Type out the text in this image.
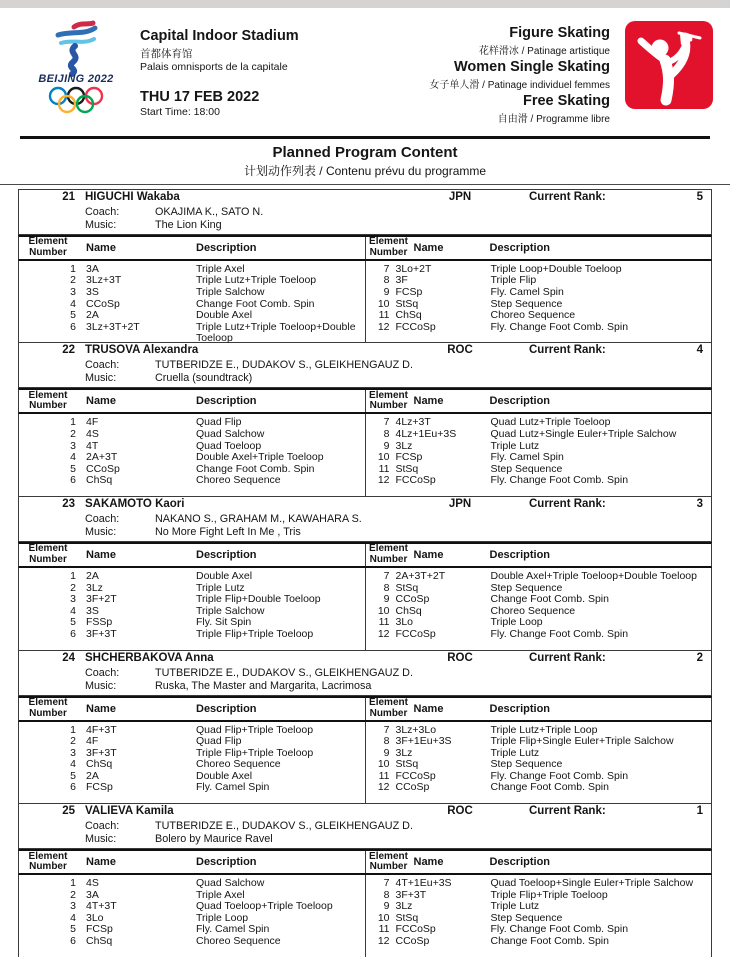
BEIJING 2022
Capital Indoor Stadium
首都体育馆
Palais omnisports de la capitale
THU 17 FEB 2022
Start Time: 18:00
Figure Skating
花样滑冰 / Patinage artistique
Women Single Skating
女子单人滑 / Patinage individuel femmes
Free Skating
自由滑 / Programme libre
Planned Program Content
计划动作列表 / Contenu prévu du programme
21 HIGUCHI Wakaba	JPN	Current Rank:	5
Coach:	OKAJIMA K., SATO N.
Music:	The Lion King
Element
Number	Name	Description	Element
Number Name	Description
1 3A	Triple Axel
2 3Lz+3T	Triple Lutz+Triple Toeloop
3 3S	Triple Salchow
4 CCoSp	Change Foot Comb. Spin
5 2A	Double Axel
6 3Lz+3T+2T	Triple Lutz+Triple Toeloop+Double Toeloop
7 3Lo+2T	Triple Loop+Double Toeloop
8 3F	Triple Flip
9 FCSp	Fly. Camel Spin
10 StSq	Step Sequence
11 ChSq	Choreo Sequence
12 FCCoSp	Fly. Change Foot Comb. Spin
22 TRUSOVA Alexandra	ROC	Current Rank:	4
Coach:	TUTBERIDZE E., DUDAKOV S., GLEIKHENGAUZ D.
Music:	Cruella (soundtrack)
Element
Number	Name	Description	Element
Number Name	Description
1 4F	Quad Flip
2 4S	Quad Salchow
3 4T	Quad Toeloop
4 2A+3T	Double Axel+Triple Toeloop
5 CCoSp	Change Foot Comb. Spin
6 ChSq	Choreo Sequence
7 4Lz+3T	Quad Lutz+Triple Toeloop
8 4Lz+1Eu+3S	Quad Lutz+Single Euler+Triple Salchow
9 3Lz	Triple Lutz
10 FCSp	Fly. Camel Spin
11 StSq	Step Sequence
12 FCCoSp	Fly. Change Foot Comb. Spin
23 SAKAMOTO Kaori	JPN	Current Rank:	3
Coach:	NAKANO S., GRAHAM M., KAWAHARA S.
Music:	No More Fight Left In Me , Tris
Element
Number	Name	Description	Element
Number Name	Description
1 2A	Double Axel
2 3Lz	Triple Lutz
3 3F+2T	Triple Flip+Double Toeloop
4 3S	Triple Salchow
5 FSSp	Fly. Sit Spin
6 3F+3T	Triple Flip+Triple Toeloop
7 2A+3T+2T	Double Axel+Triple Toeloop+Double Toeloop
8 StSq	Step Sequence
9 CCoSp	Change Foot Comb. Spin
10 ChSq	Choreo Sequence
11 3Lo	Triple Loop
12 FCCoSp	Fly. Change Foot Comb. Spin
24 SHCHERBAKOVA Anna	ROC	Current Rank:	2
Coach:	TUTBERIDZE E., DUDAKOV S., GLEIKHENGAUZ D.
Music:	Ruska, The Master and Margarita, Lacrimosa
Element
Number	Name	Description	Element
Number Name	Description
1 4F+3T	Quad Flip+Triple Toeloop
2 4F	Quad Flip
3 3F+3T	Triple Flip+Triple Toeloop
4 ChSq	Choreo Sequence
5 2A	Double Axel
6 FCSp	Fly. Camel Spin
7 3Lz+3Lo	Triple Lutz+Triple Loop
8 3F+1Eu+3S	Triple Flip+Single Euler+Triple Salchow
9 3Lz	Triple Lutz
10 StSq	Step Sequence
11 FCCoSp	Fly. Change Foot Comb. Spin
12 CCoSp	Change Foot Comb. Spin
25 VALIEVA Kamila	ROC	Current Rank:	1
Coach:	TUTBERIDZE E., DUDAKOV S., GLEIKHENGAUZ D.
Music:	Bolero by Maurice Ravel
Element
Number	Name	Description	Element
Number Name	Description
1 4S	Quad Salchow
2 3A	Triple Axel
3 4T+3T	Quad Toeloop+Triple Toeloop
4 3Lo	Triple Loop
5 FCSp	Fly. Camel Spin
6 ChSq	Choreo Sequence
7 4T+1Eu+3S	Quad Toeloop+Single Euler+Triple Salchow
8 3F+3T	Triple Flip+Triple Toeloop
9 3Lz	Triple Lutz
10 StSq	Step Sequence
11 FCCoSp	Fly. Change Foot Comb. Spin
12 CCoSp	Change Foot Comb. Spin
